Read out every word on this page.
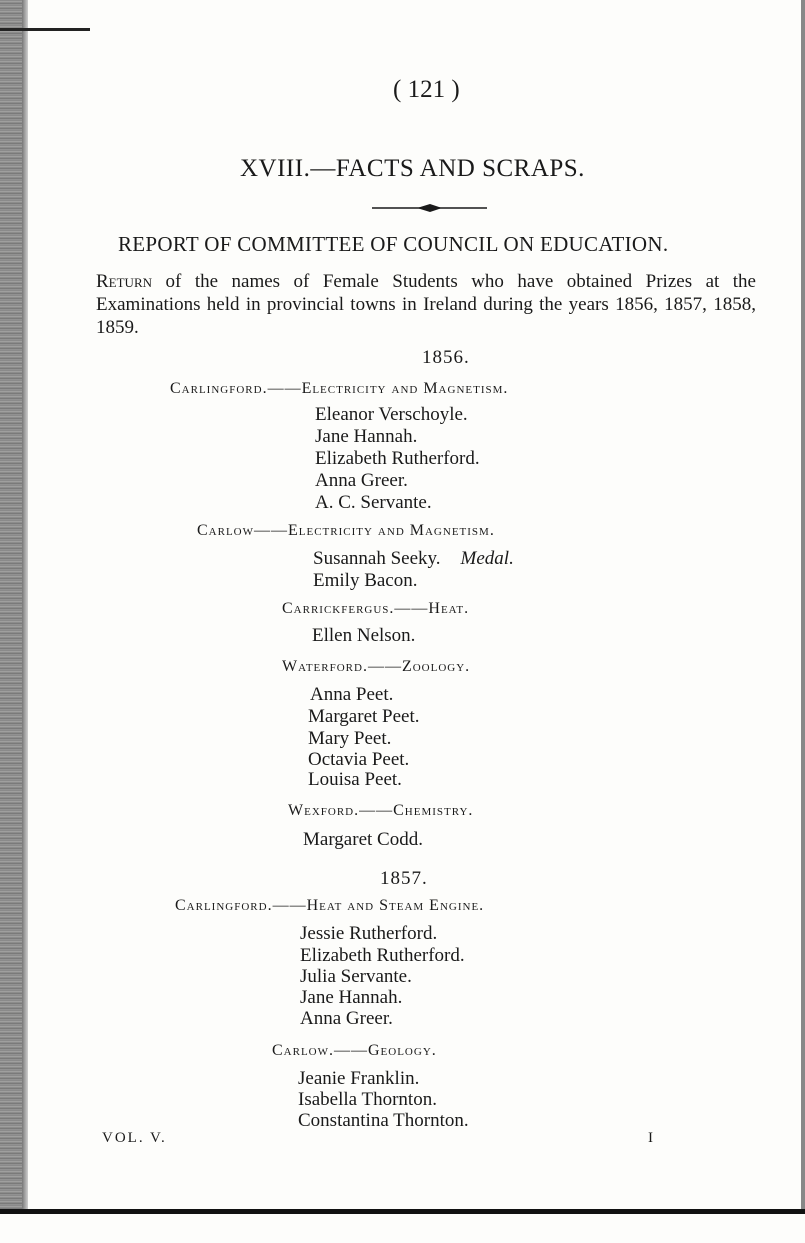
( 121 )
XVIII.—FACTS AND SCRAPS.
REPORT OF COMMITTEE OF COUNCIL ON EDUCATION.
Return of the names of Female Students who have obtained Prizes at the Examinations held in provincial towns in Ireland during the years 1856, 1857, 1858, 1859.
1856.
Carlingford.——Electricity and Magnetism.
Eleanor Verschoyle.
Jane Hannah.
Elizabeth Rutherford.
Anna Greer.
A. C. Servante.
Carlow——Electricity and Magnetism.
Susannah Seeky. Medal.
Emily Bacon.
Carrickfergus.——Heat.
Ellen Nelson.
Waterford.——Zoology.
Anna Peet.
Margaret Peet.
Mary Peet.
Octavia Peet.
Louisa Peet.
Wexford.——Chemistry.
Margaret Codd.
1857.
Carlingford.——Heat and Steam Engine.
Jessie Rutherford.
Elizabeth Rutherford.
Julia Servante.
Jane Hannah.
Anna Greer.
Carlow.——Geology.
Jeanie Franklin.
Isabella Thornton.
Constantina Thornton.
VOL. V.	I
